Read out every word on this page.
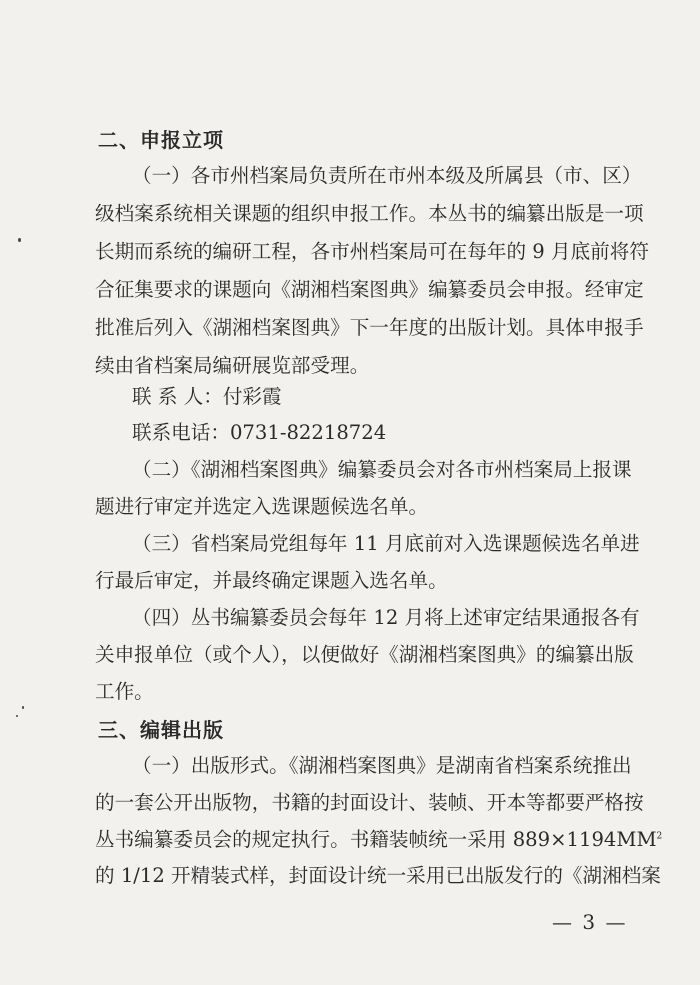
二、申报立项
（一）各市州档案局负责所在市州本级及所属县（市、区）
级档案系统相关课题的组织申报工作。本丛书的编纂出版是一项
长期而系统的编研工程，各市州档案局可在每年的 9 月底前将符
合征集要求的课题向《湖湘档案图典》编纂委员会申报。经审定
批准后列入《湖湘档案图典》下一年度的出版计划。具体申报手
续由省档案局编研展览部受理。
联 系 人：付彩霞
联系电话：0731-82218724
（二）《湖湘档案图典》编纂委员会对各市州档案局上报课
题进行审定并选定入选课题候选名单。
（三）省档案局党组每年 11 月底前对入选课题候选名单进
行最后审定，并最终确定课题入选名单。
（四）丛书编纂委员会每年 12 月将上述审定结果通报各有
关申报单位（或个人），以便做好《湖湘档案图典》的编纂出版
工作。
三、编辑出版
（一）出版形式。《湖湘档案图典》是湖南省档案系统推出
的一套公开出版物，书籍的封面设计、装帧、开本等都要严格按
丛书编纂委员会的规定执行。书籍装帧统一采用 $889\times 1194MM^2$
的 1/12 开精装式样，封面设计统一采用已出版发行的《湖湘档案
— 3 —
